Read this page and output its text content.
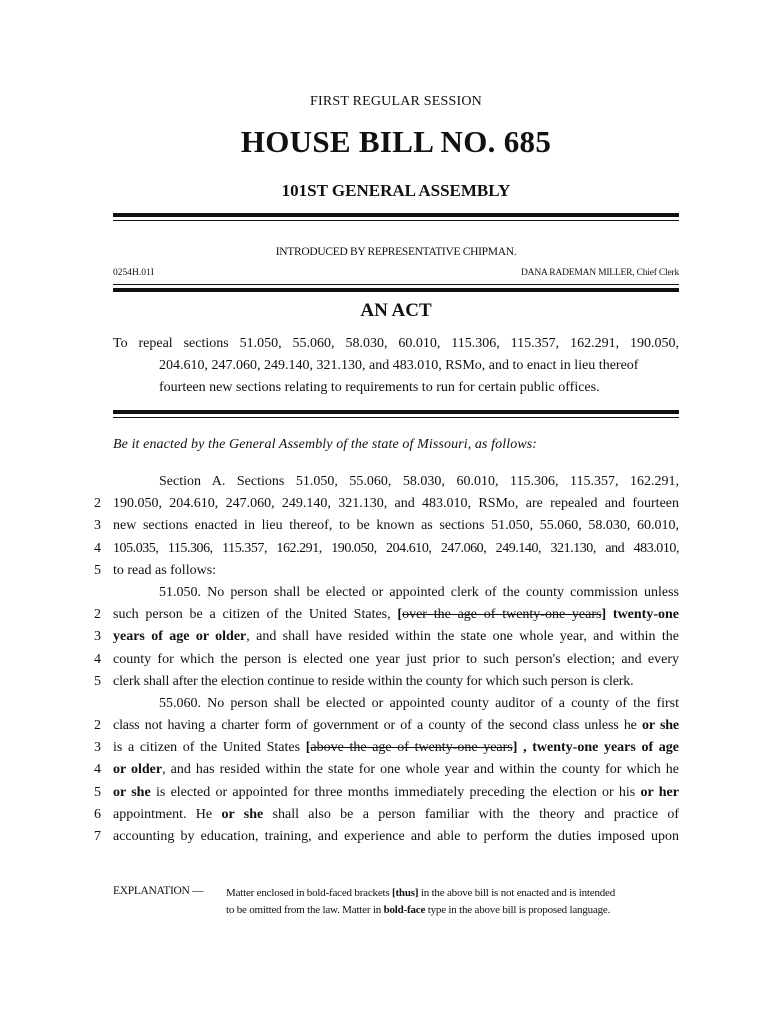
FIRST REGULAR SESSION
HOUSE BILL NO. 685
101ST GENERAL ASSEMBLY
INTRODUCED BY REPRESENTATIVE CHIPMAN.
0254H.01I	DANA RADEMAN MILLER, Chief Clerk
AN ACT
To repeal sections 51.050, 55.060, 58.030, 60.010, 115.306, 115.357, 162.291, 190.050,
204.610, 247.060, 249.140, 321.130, and 483.010, RSMo, and to enact in lieu thereof
fourteen new sections relating to requirements to run for certain public offices.
Be it enacted by the General Assembly of the state of Missouri, as follows:
Section A. Sections 51.050, 55.060, 58.030, 60.010, 115.306, 115.357, 162.291,
2 190.050, 204.610, 247.060, 249.140, 321.130, and 483.010, RSMo, are repealed and fourteen
3 new sections enacted in lieu thereof, to be known as sections 51.050, 55.060, 58.030, 60.010,
4 105.035, 115.306, 115.357, 162.291, 190.050, 204.610, 247.060, 249.140, 321.130, and 483.010,
5 to read as follows:
51.050. No person shall be elected or appointed clerk of the county commission unless
2 such person be a citizen of the United States, [over the age of twenty-one years] twenty-one
3 years of age or older, and shall have resided within the state one whole year, and within the
4 county for which the person is elected one year just prior to such person's election; and every
5 clerk shall after the election continue to reside within the county for which such person is clerk.
55.060. No person shall be elected or appointed county auditor of a county of the first
2 class not having a charter form of government or of a county of the second class unless he or she
3 is a citizen of the United States [above the age of twenty-one years] , twenty-one years of age
4 or older, and has resided within the state for one whole year and within the county for which he
5 or she is elected or appointed for three months immediately preceding the election or his or her
6 appointment. He or she shall also be a person familiar with the theory and practice of
7 accounting by education, training, and experience and able to perform the duties imposed upon
EXPLANATION — Matter enclosed in bold-faced brackets [thus] in the above bill is not enacted and is intended
to be omitted from the law. Matter in bold-face type in the above bill is proposed language.
